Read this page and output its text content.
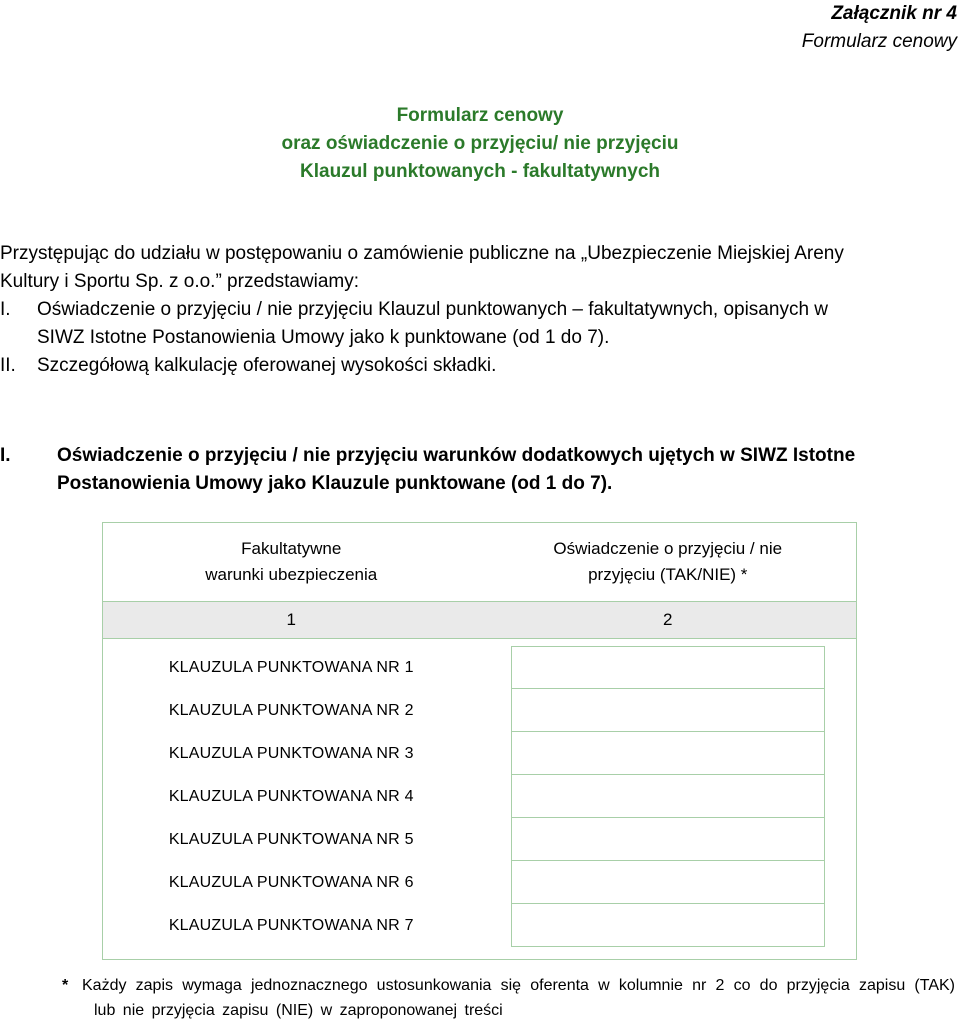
Załącznik nr 4
Formularz cenowy
Formularz cenowy
oraz oświadczenie o przyjęciu/ nie przyjęciu
Klauzul punktowanych - fakultatywnych
Przystępując do udziału w postępowaniu o zamówienie publiczne na „Ubezpieczenie Miejskiej Areny
Kultury i Sportu Sp. z o.o.” przedstawiamy:
I. Oświadczenie o przyjęciu / nie przyjęciu Klauzul punktowanych – fakultatywnych, opisanych w
SIWZ Istotne Postanowienia Umowy jako k punktowane (od 1 do 7).
II. Szczegółową kalkulację oferowanej wysokości składki.
I. Oświadczenie o przyjęciu / nie przyjęciu warunków dodatkowych ujętych w SIWZ Istotne
Postanowienia Umowy jako Klauzule punktowane (od 1 do 7).
Fakultatywne
warunki ubezpieczenia
Oświadczenie o przyjęciu / nie
przyjęciu (TAK/NIE) *
1	2
KLAUZULA PUNKTOWANA NR 1
KLAUZULA PUNKTOWANA NR 2
KLAUZULA PUNKTOWANA NR 3
KLAUZULA PUNKTOWANA NR 4
KLAUZULA PUNKTOWANA NR 5
KLAUZULA PUNKTOWANA NR 6
KLAUZULA PUNKTOWANA NR 7
* Każdy zapis wymaga jednoznacznego ustosunkowania się oferenta w kolumnie nr 2 co do przyjęcia zapisu (TAK) lub nie przyjęcia zapisu (NIE) w zaproponowanej treści
